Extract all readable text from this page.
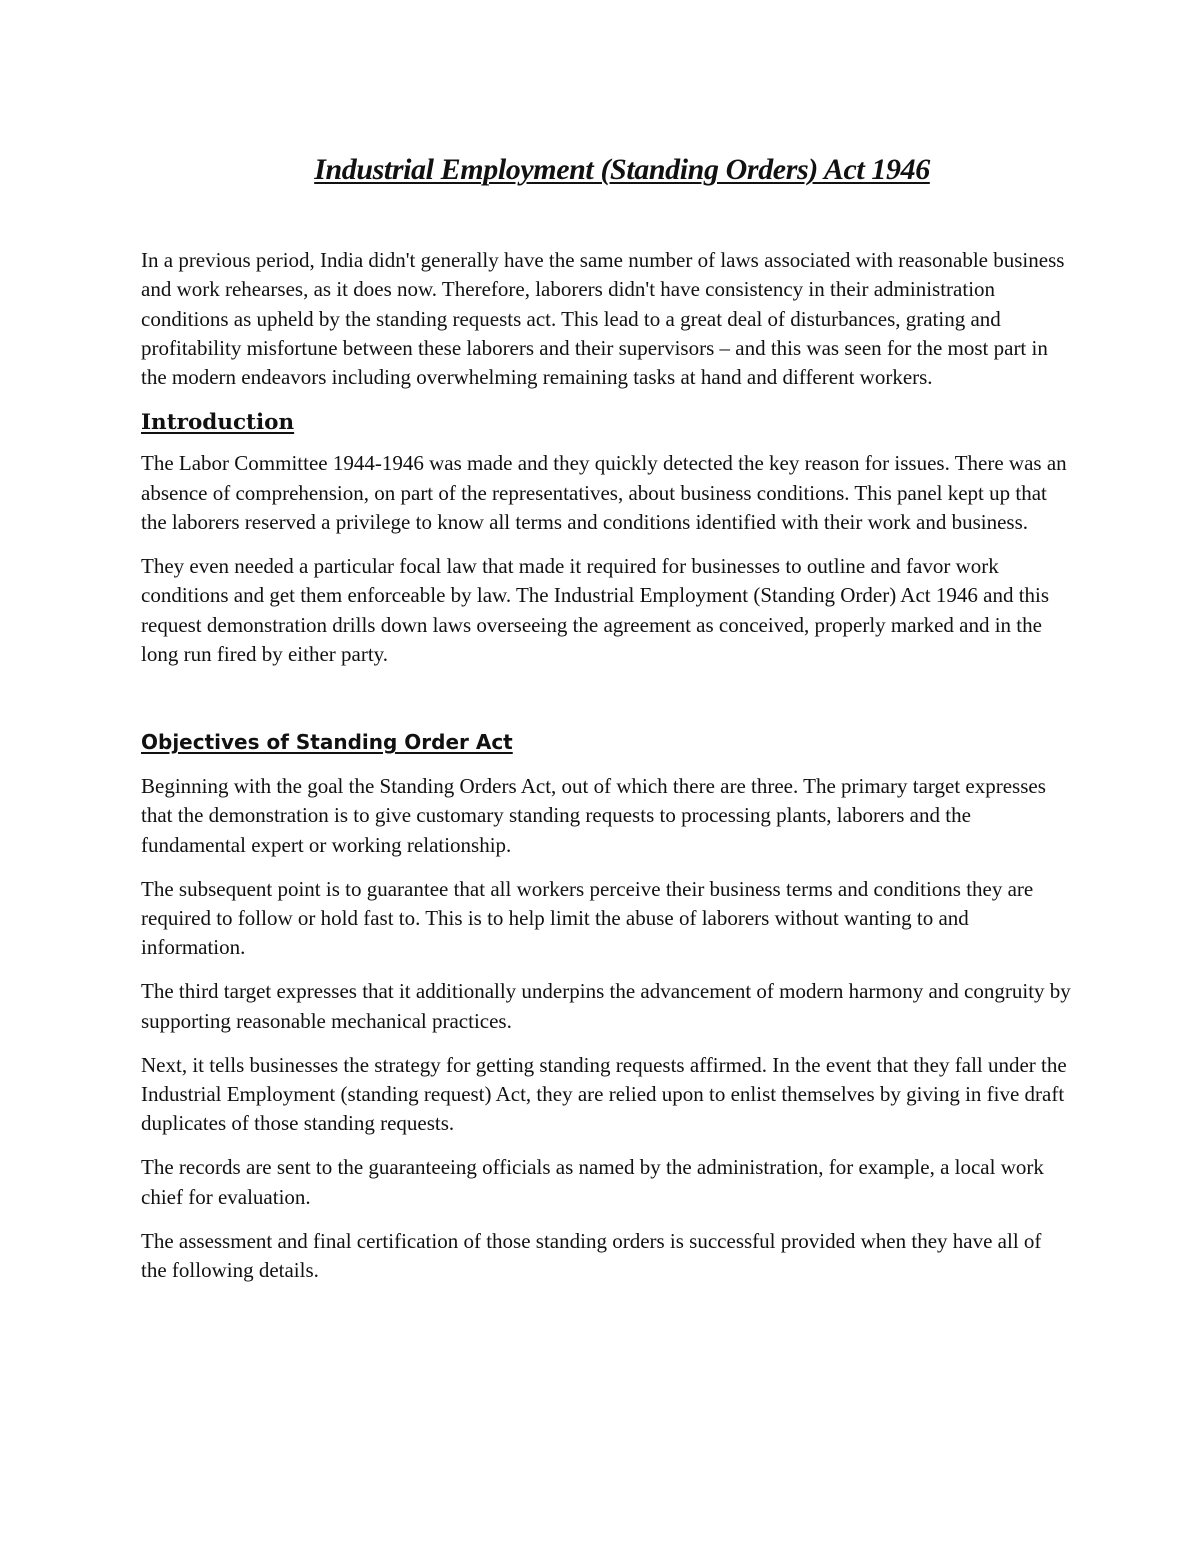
Industrial Employment (Standing Orders) Act 1946

In a previous period, India didn't generally have the same number of laws associated with reasonable business and work rehearses, as it does now. Therefore, laborers didn't have consistency in their administration conditions as upheld by the standing requests act. This lead to a great deal of disturbances, grating and profitability misfortune between these laborers and their supervisors – and this was seen for the most part in the modern endeavors including overwhelming remaining tasks at hand and different workers.

Introduction

The Labor Committee 1944-1946 was made and they quickly detected the key reason for issues. There was an absence of comprehension, on part of the representatives, about business conditions. This panel kept up that the laborers reserved a privilege to know all terms and conditions identified with their work and business.

They even needed a particular focal law that made it required for businesses to outline and favor work conditions and get them enforceable by law. The Industrial Employment (Standing Order) Act 1946 and this request demonstration drills down laws overseeing the agreement as conceived, properly marked and in the long run fired by either party.

Objectives of Standing Order Act

Beginning with the goal the Standing Orders Act, out of which there are three. The primary target expresses that the demonstration is to give customary standing requests to processing plants, laborers and the fundamental expert or working relationship.

The subsequent point is to guarantee that all workers perceive their business terms and conditions they are required to follow or hold fast to. This is to help limit the abuse of laborers without wanting to and information.

The third target expresses that it additionally underpins the advancement of modern harmony and congruity by supporting reasonable mechanical practices.

Next, it tells businesses the strategy for getting standing requests affirmed. In the event that they fall under the Industrial Employment (standing request) Act, they are relied upon to enlist themselves by giving in five draft duplicates of those standing requests.

The records are sent to the guaranteeing officials as named by the administration, for example, a local work chief for evaluation.

The assessment and final certification of those standing orders is successful provided when they have all of the following details.
